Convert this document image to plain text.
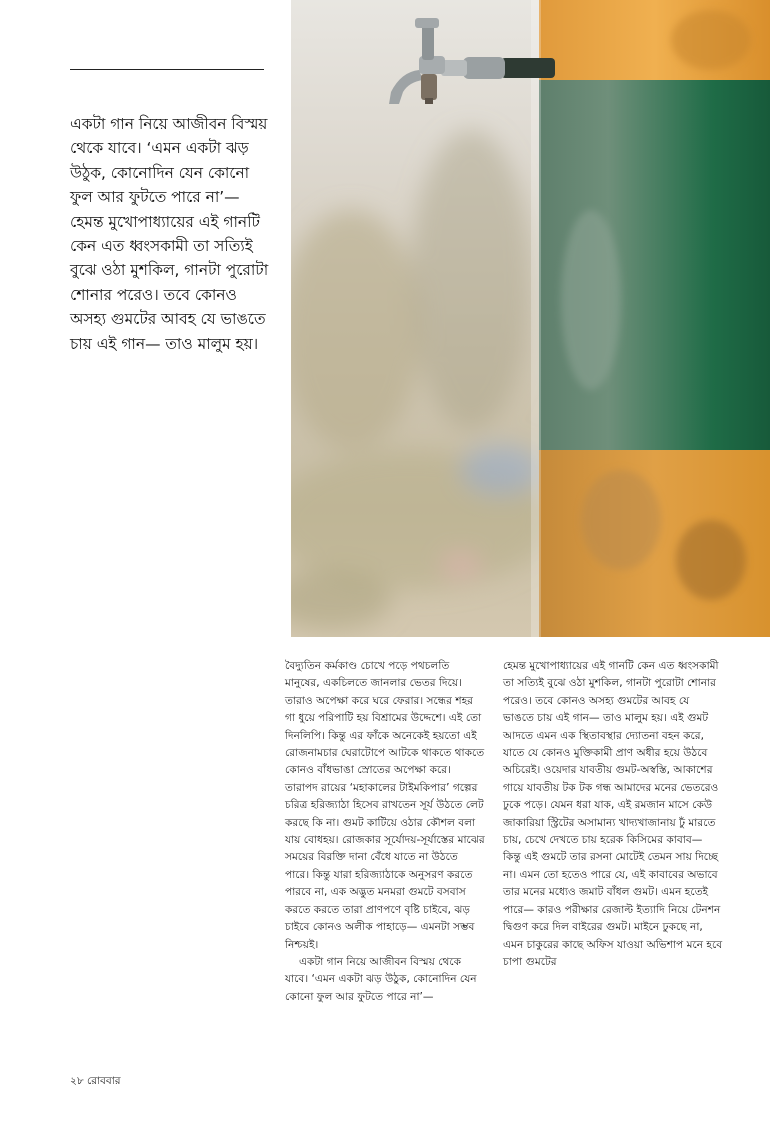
একটা গান নিয়ে আজীবন বিস্ময় থেকে যাবে। ‘এমন একটা ঝড় উঠুক, কোনোদিন যেন কোনো ফুল আর ফুটতে পারে না’— হেমন্ত মুখোপাধ্যায়ের এই গানটি কেন এত ধ্বংসকামী তা সত্যিই বুঝে ওঠা মুশকিল, গানটা পুরোটা শোনার পরেও। তবে কোনও অসহ্য গুমটের আবহ যে ভাঙতে চায় এই গান— তাও মালুম হয়।

বৈদ্যুতিন কর্মকাণ্ড চোখে পড়ে পথচলতি মানুষের, একচিলতে জানলার ভেতর দিয়ে। তারাও অপেক্ষা করে ঘরে ফেরার। সন্ধের শহর গা ধুয়ে পরিপাটি হয় বিশ্রামের উদ্দেশে। এই তো দিনলিপি। কিন্তু এর ফাঁকে অনেকেই হয়তো এই রোজনামচার ঘেরাটোপে আটকে থাকতে থাকতে কোনও বাঁধভাঙা স্রোতের অপেক্ষা করে। তারাপদ রায়ের ‘মহাকালের টাইমকিপার’ গল্পের চরিত্র হরিজ্যাঠা হিসেব রাখতেন সূর্য উঠতে লেট করছে কি না। গুমট কাটিয়ে ওঠার কৌশল বলা যায় বোধহয়। রোজকার সূর্যোদয়-সূর্যাস্তের মাঝের সময়ের বিরক্তি দানা বেঁধে যাতে না উঠতে পারে। কিন্তু যারা হরিজ্যাঠাকে অনুসরণ করতে পারবে না, এক অদ্ভুত মনমরা গুমটে বসবাস করতে করতে তারা প্রাণপণে বৃষ্টি চাইবে, ঝড় চাইবে কোনও অলীক পাহাড়ে— এমনটা সম্ভব নিশ্চয়ই।

একটা গান নিয়ে আজীবন বিস্ময় থেকে যাবে। ‘এমন একটা ঝড় উঠুক, কোনোদিন যেন কোনো ফুল আর ফুটতে পারে না’—

হেমন্ত মুখোপাধ্যায়ের এই গানটি কেন এত ধ্বংসকামী তা সত্যিই বুঝে ওঠা মুশকিল, গানটা পুরোটা শোনার পরেও। তবে কোনও অসহ্য গুমটের আবহ যে ভাঙতে চায় এই গান— তাও মালুম হয়। এই গুমট আদতে এমন এক স্থিতাবস্থার দ্যোতনা বহন করে, যাতে যে কোনও মুক্তিকামী প্রাণ অধীর হয়ে উঠবে অচিরেই। ওয়েদার যাবতীয় গুমট-অস্বস্তি, আকাশের গায়ে যাবতীয় টক টক গন্ধ আমাদের মনের ভেতরেও ঢুকে পড়ে। যেমন ধরা যাক, এই রমজান মাসে কেউ জাকারিয়া স্ট্রিটের অসামান্য খাদ্যখাজানায় ঢুঁ মারতে চায়, চেখে দেখতে চায় হরেক কিসিমের কাবাব— কিন্তু এই গুমটে তার রসনা মোটেই তেমন সায় দিচ্ছে না। এমন তো হতেও পারে যে, এই কাবাবের অভাবে তার মনের মধ্যেও জমাট বাঁধল গুমট। এমন হতেই পারে— কারও পরীক্ষার রেজাল্ট ইত্যাদি নিয়ে টেনশন দ্বিগুণ করে দিল বাইরের গুমট। মাইনে ঢুকছে না, এমন চাকুরের কাছে অফিস যাওয়া অভিশাপ মনে হবে চাপা গুমটের

২৮ রোববার
